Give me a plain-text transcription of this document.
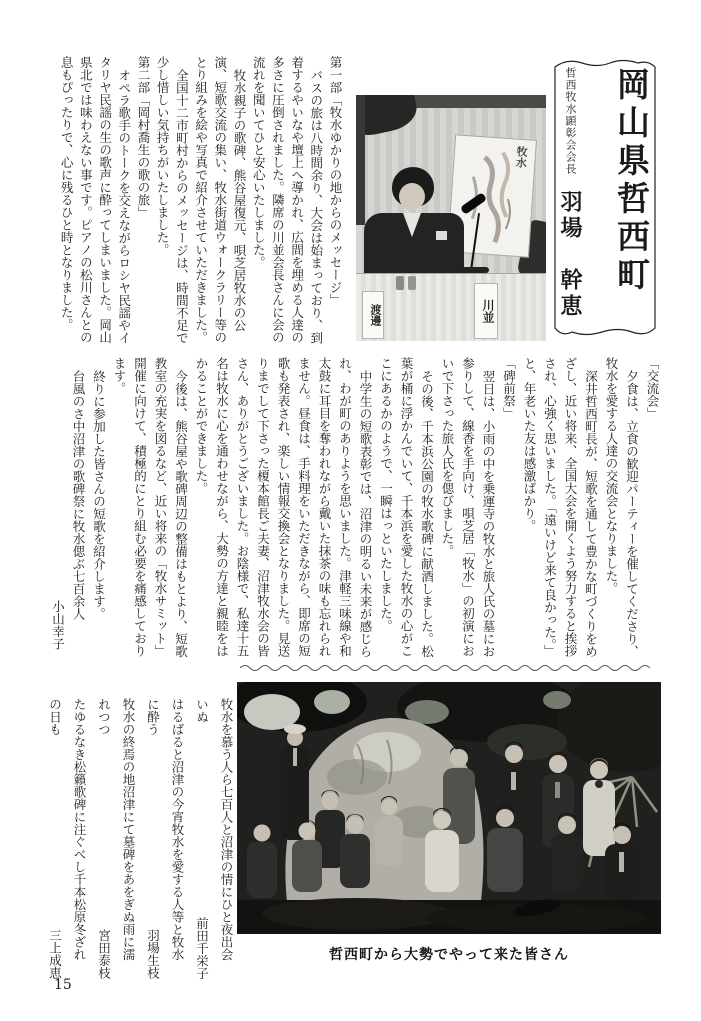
岡山県哲西町
哲西牧水顕彰会会長 羽場　幹恵
牧水
渡邊	川並

第一部「牧水ゆかりの地からのメッセージ」

バスの旅は八時間余り、大会は始まっており、到着するやいなや壇上へ導かれ、広間を埋める人達の多さに圧倒されました。隣席の川並会長さんに会の流れを聞いてひと安心いたしました。

牧水親子の歌碑、熊谷屋復元、唄芝居牧水の公演、短歌交流の集い、牧水街道ウォークラリー等のとり組みを絵や写真で紹介させていただきました。

全国十二市町村からのメッセージは、時間不足で少し惜しい気持ちがいたしました。

第二部「岡村喬生の歌の旅」

オペラ歌手のトークを交えながらロシヤ民謡やイタリヤ民謡の生の歌声に酔ってしまいました。岡山県北では味わえない事です。ピアノの松川さんとの息もぴったりで、心に残るひと時となりました。

「交流会」

夕食は、立食の歓迎パーティーを催してくださり、牧水を愛する人達の交流会となりました。

深井哲西町長が、短歌を通して豊かな町づくりをめざし、近い将来、全国大会を開くよう努力すると挨拶され、心強く思いました。「遠いけど来て良かった。」と、年老いた友は感激ばかり。

「碑前祭」

翌日は、小雨の中を乗運寺の牧水と旅人氏の墓にお参りして、線香を手向け、唄芝居「牧水」の初演においで下さった旅人氏を偲びました。

その後、千本浜公園の牧水歌碑に献酒しました。松葉が桶に浮かんでいて、千本浜を愛した牧水の心がここにあるかのようで、一瞬はっといたしました。

中学生の短歌表彰では、沼津の明るい未来が感じられ、わが町のありようを思いました。津軽三味線や和太鼓に耳目を奪われながら戴いた抹茶の味も忘れられません。昼食は、手料理をいただきながら、即席の短歌も発表され、楽しい情報交換会となりました。見送りまでして下さった榎本館長ご夫妻、沼津牧水会の皆さん、ありがとうございました。お陰様で、私達十五名は牧水に心を通わせながら、大勢の方達と親睦をはかることができました。

今後は、熊谷屋や歌碑周辺の整備はもとより、短歌教室の充実を図るなど、近い将来の「牧水サミット」開催に向けて、積極的にとり組む必要を痛感しております。

終りに参加した皆さんの短歌を紹介します。

台風のさ中沼津の歌碑祭に牧水偲ぶ七百余人

小山幸子

哲西町から大勢でやって来た皆さん

牧水を慕う人ら七百人と沼津の情にひと夜出会

いぬ
前田千栄子

はるばると沼津の今宵牧水を愛する人等と牧水

に酔う
羽場生枝

牧水の終焉の地沼津にて墓碑をあをぎぬ雨に濡

れつつ
宮田泰枝

たゆるなき松籟歌碑に注ぐべし千本松原冬ざれ

の日も
三上成恵

15
